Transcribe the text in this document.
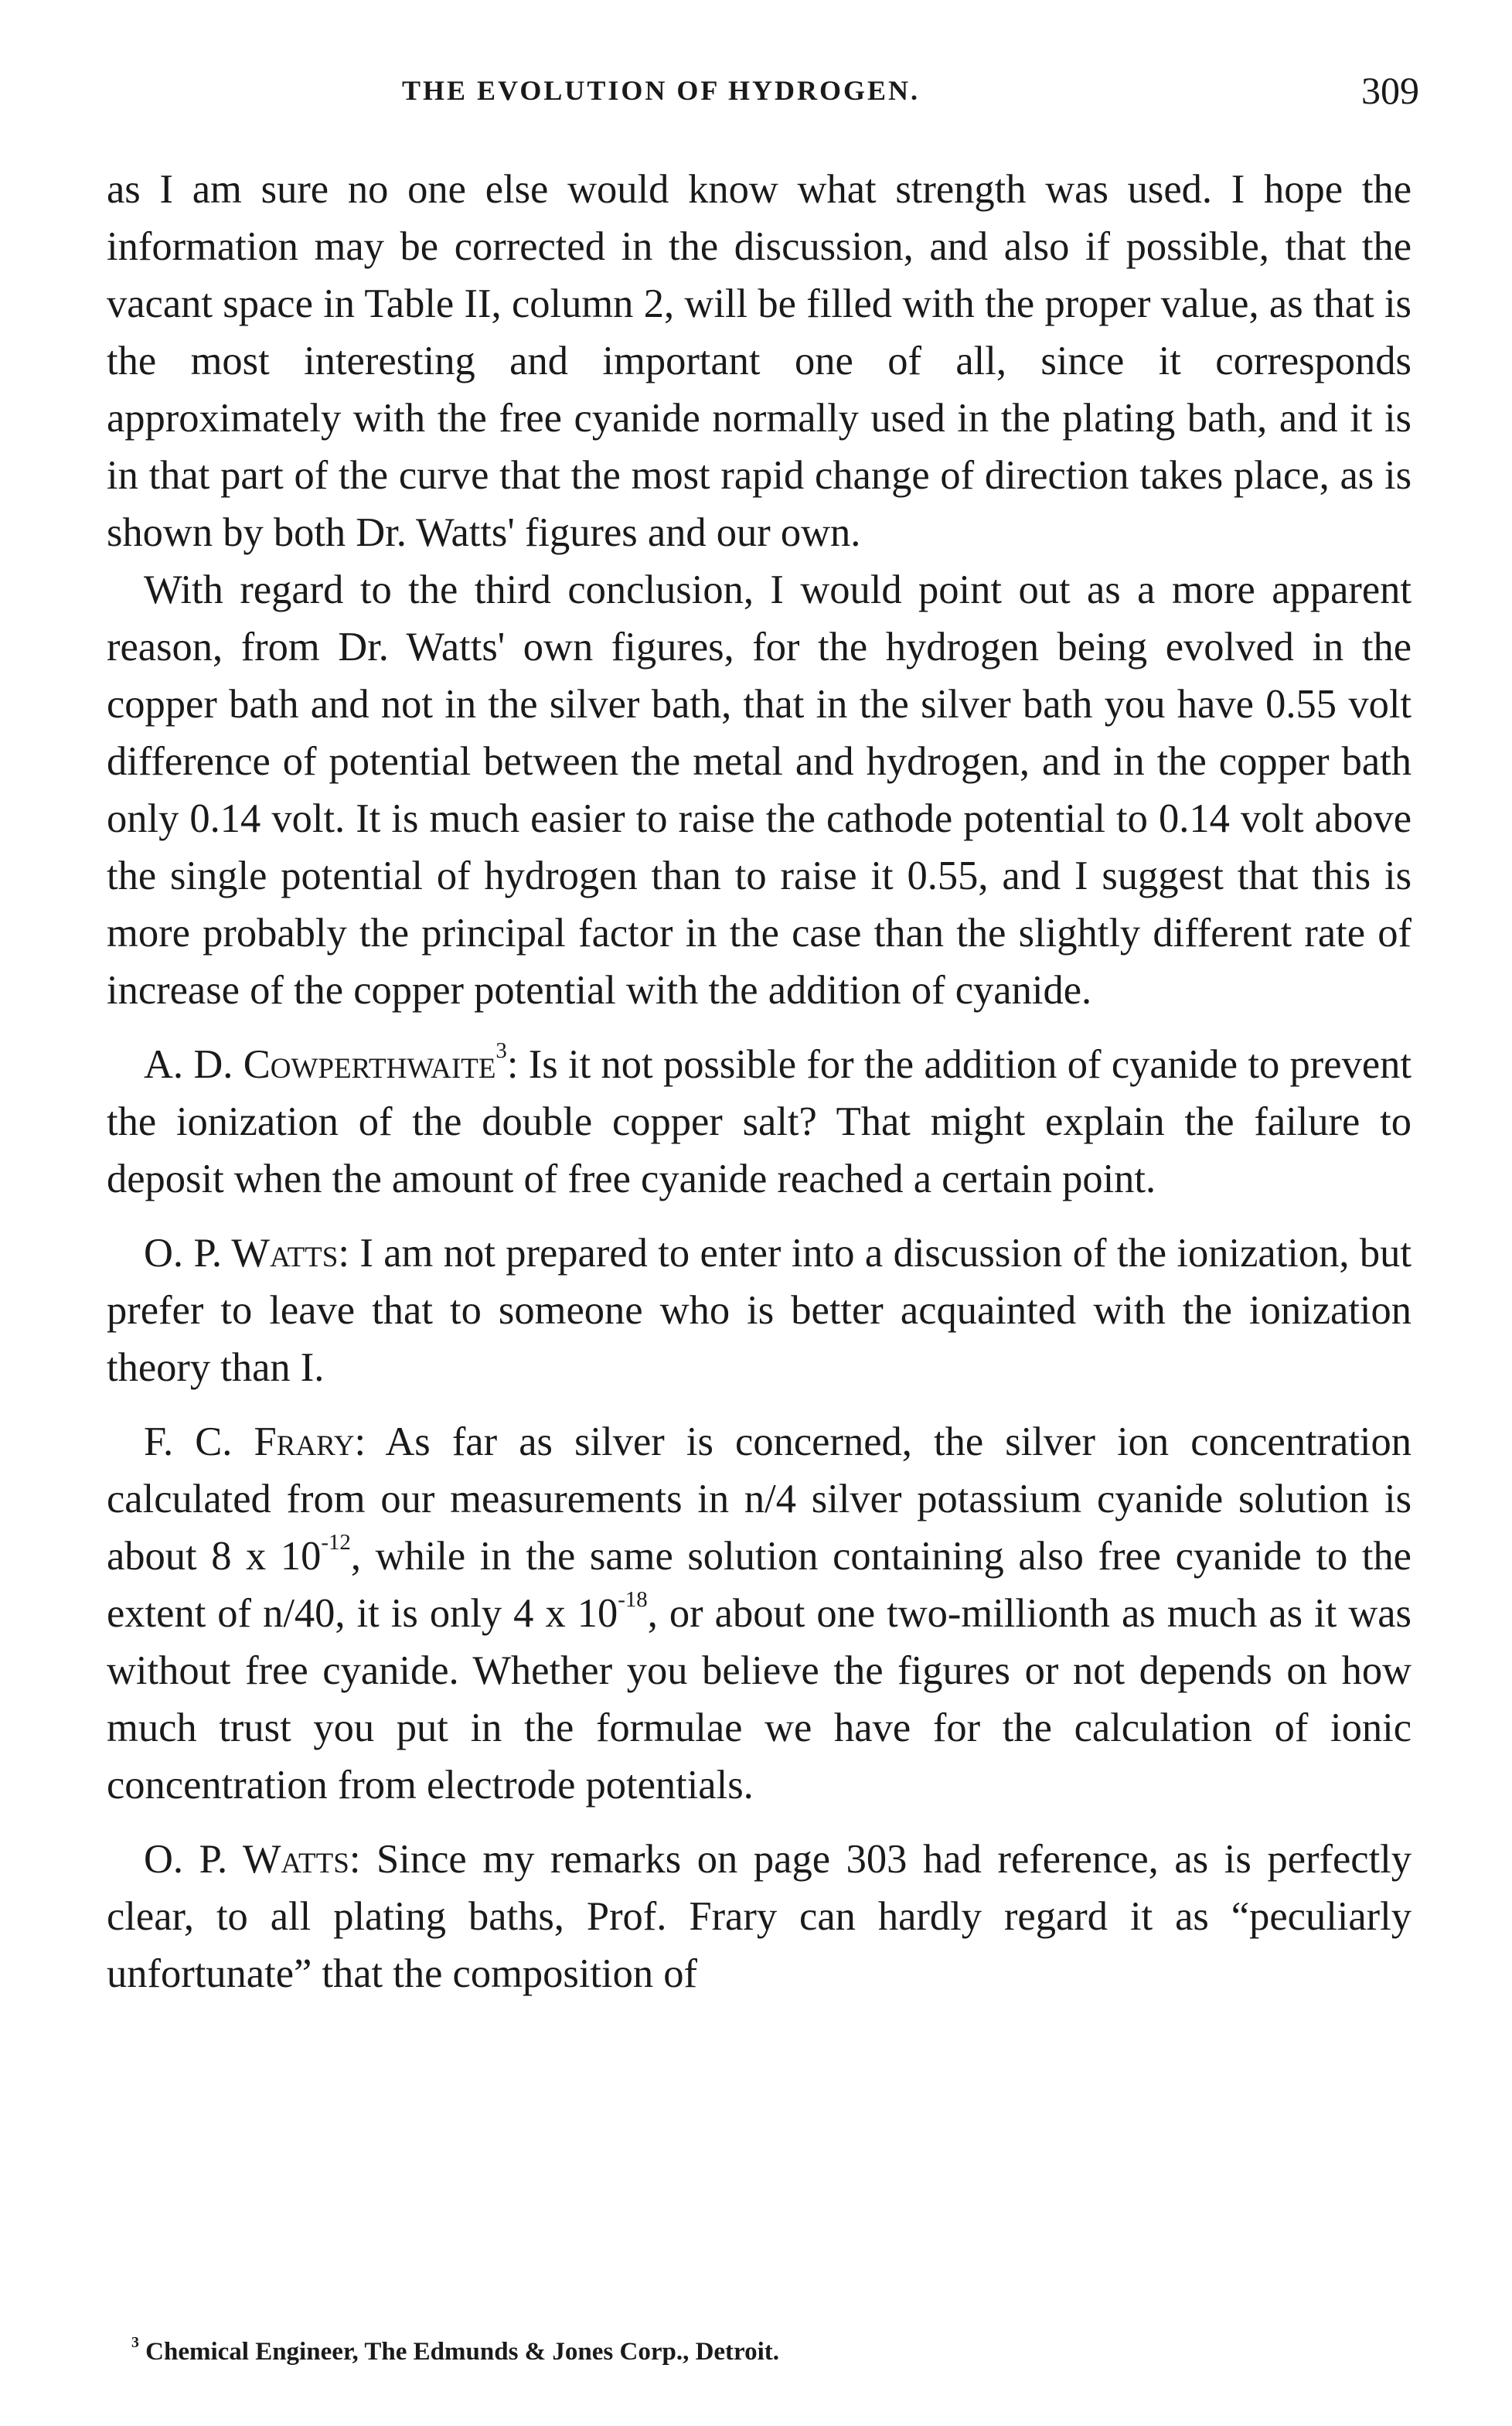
THE EVOLUTION OF HYDROGEN.	309

as I am sure no one else would know what strength was used. I hope the information may be corrected in the discussion, and also if possible, that the vacant space in Table II, column 2, will be filled with the proper value, as that is the most interesting and important one of all, since it corresponds approximately with the free cyanide normally used in the plating bath, and it is in that part of the curve that the most rapid change of direction takes place, as is shown by both Dr. Watts' figures and our own.

With regard to the third conclusion, I would point out as a more apparent reason, from Dr. Watts' own figures, for the hydrogen being evolved in the copper bath and not in the silver bath, that in the silver bath you have 0.55 volt difference of potential between the metal and hydrogen, and in the copper bath only 0.14 volt. It is much easier to raise the cathode potential to 0.14 volt above the single potential of hydrogen than to raise it 0.55, and I suggest that this is more probably the principal factor in the case than the slightly different rate of increase of the copper potential with the addition of cyanide.

A. D. Cowperthwaite$^3$: Is it not possible for the addition of cyanide to prevent the ionization of the double copper salt? That might explain the failure to deposit when the amount of free cyanide reached a certain point.

O. P. Watts: I am not prepared to enter into a discussion of the ionization, but prefer to leave that to someone who is better acquainted with the ionization theory than I.

F. C. Frary: As far as silver is concerned, the silver ion concentration calculated from our measurements in n/4 silver potassium cyanide solution is about 8 x $10^{-12}$, while in the same solution containing also free cyanide to the extent of n/40, it is only 4 x $10^{-18}$, or about one two-millionth as much as it was without free cyanide. Whether you believe the figures or not depends on how much trust you put in the formulae we have for the calculation of ionic concentration from electrode potentials.

O. P. Watts: Since my remarks on page 303 had reference, as is perfectly clear, to all plating baths, Prof. Frary can hardly regard it as “peculiarly unfortunate” that the composition of

$^3$ Chemical Engineer, The Edmunds & Jones Corp., Detroit.
